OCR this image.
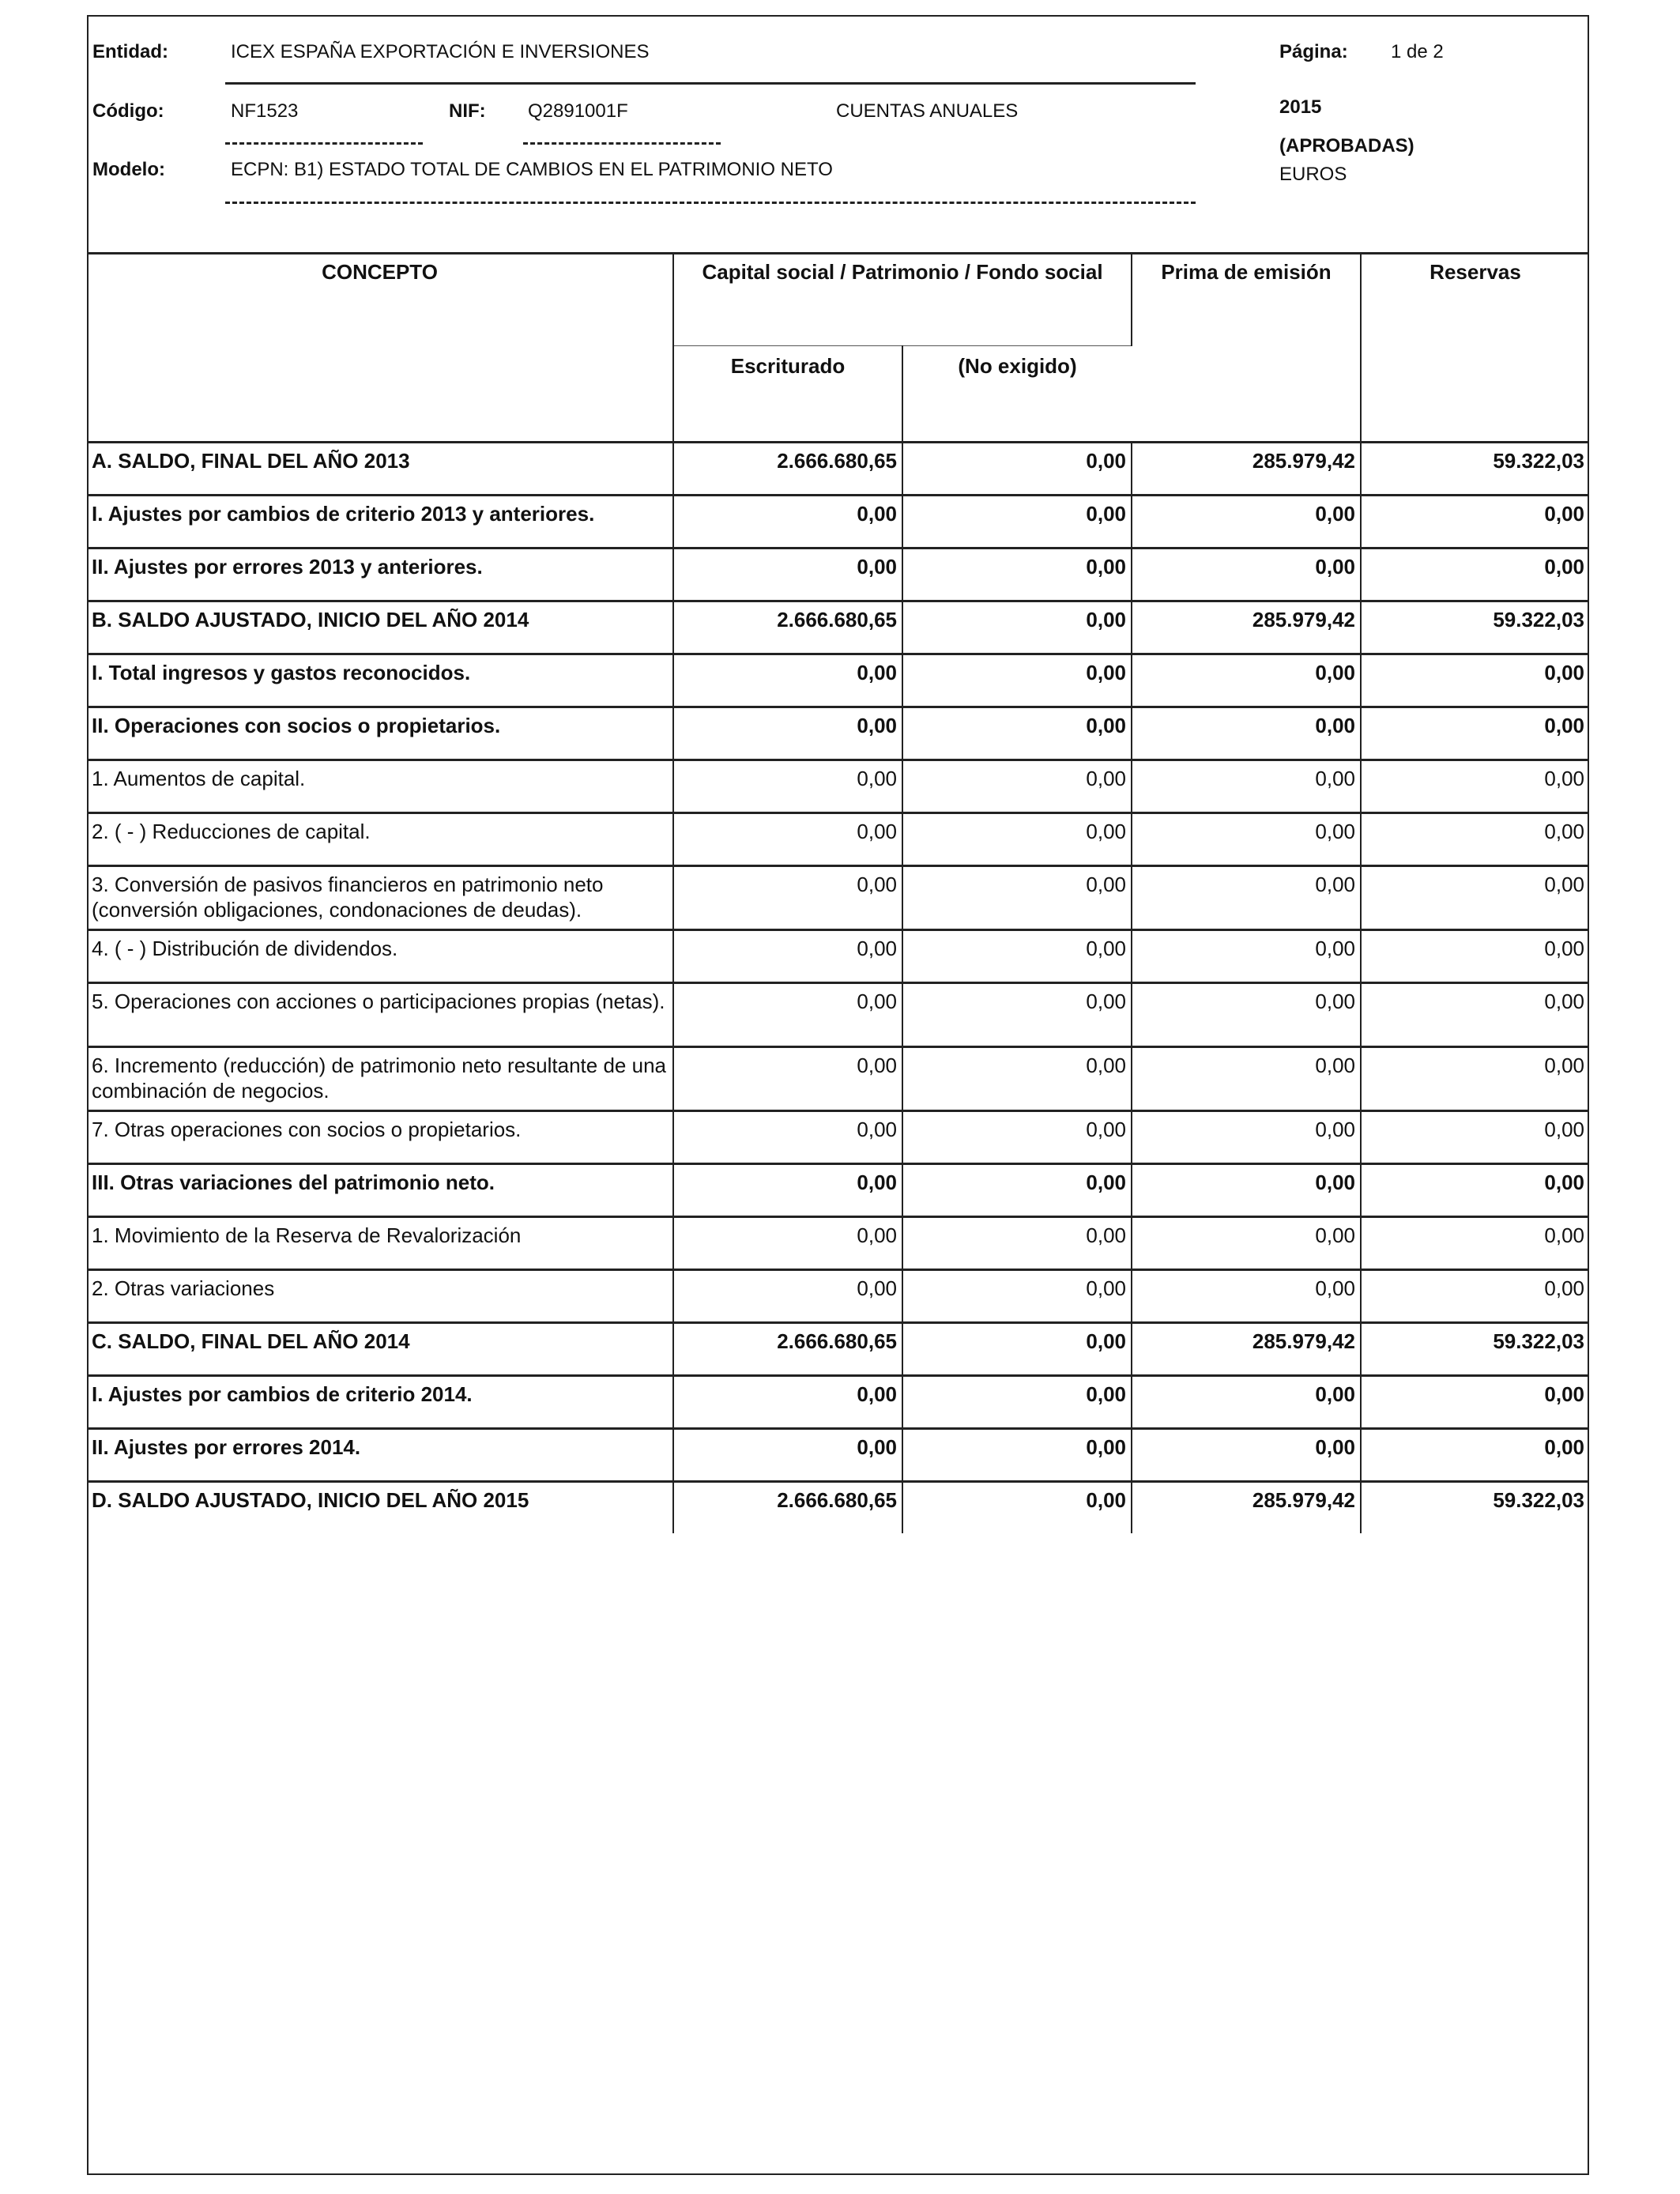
Entidad:	ICEX ESPAÑA EXPORTACIÓN E INVERSIONES	Página: 1 de 2
Código:	NF1523	NIF: Q2891001F	CUENTAS ANUALES	2015
(APROBADAS)
EUROS
Modelo:	ECPN: B1) ESTADO TOTAL DE CAMBIOS EN EL PATRIMONIO NETO
CONCEPTO	Capital social / Patrimonio / Fondo social		Prima de emisión	Reservas
	Escriturado	(No exigido)		
A. SALDO, FINAL DEL AÑO 2013	2.666.680,65	0,00	285.979,42	59.322,03
I. Ajustes por cambios de criterio 2013 y anteriores.	0,00	0,00	0,00	0,00
II. Ajustes por errores 2013 y anteriores.	0,00	0,00	0,00	0,00
B. SALDO AJUSTADO, INICIO DEL AÑO 2014	2.666.680,65	0,00	285.979,42	59.322,03
I. Total ingresos y gastos reconocidos.	0,00	0,00	0,00	0,00
II. Operaciones con socios o propietarios.	0,00	0,00	0,00	0,00
1. Aumentos de capital.	0,00	0,00	0,00	0,00
2. ( - ) Reducciones de capital.	0,00	0,00	0,00	0,00
3. Conversión de pasivos financieros en patrimonio neto (conversión obligaciones, condonaciones de deudas).	0,00	0,00	0,00	0,00
4. ( - ) Distribución de dividendos.	0,00	0,00	0,00	0,00
5. Operaciones con acciones o participaciones propias (netas).	0,00	0,00	0,00	0,00
6. Incremento (reducción) de patrimonio neto resultante de una combinación de negocios.	0,00	0,00	0,00	0,00
7. Otras operaciones con socios o propietarios.	0,00	0,00	0,00	0,00
III. Otras variaciones del patrimonio neto.	0,00	0,00	0,00	0,00
1. Movimiento de la Reserva de Revalorización	0,00	0,00	0,00	0,00
2. Otras variaciones	0,00	0,00	0,00	0,00
C. SALDO, FINAL DEL AÑO 2014	2.666.680,65	0,00	285.979,42	59.322,03
I. Ajustes por cambios de criterio 2014.	0,00	0,00	0,00	0,00
II. Ajustes por errores 2014.	0,00	0,00	0,00	0,00
D. SALDO AJUSTADO, INICIO DEL AÑO 2015	2.666.680,65	0,00	285.979,42	59.322,03
